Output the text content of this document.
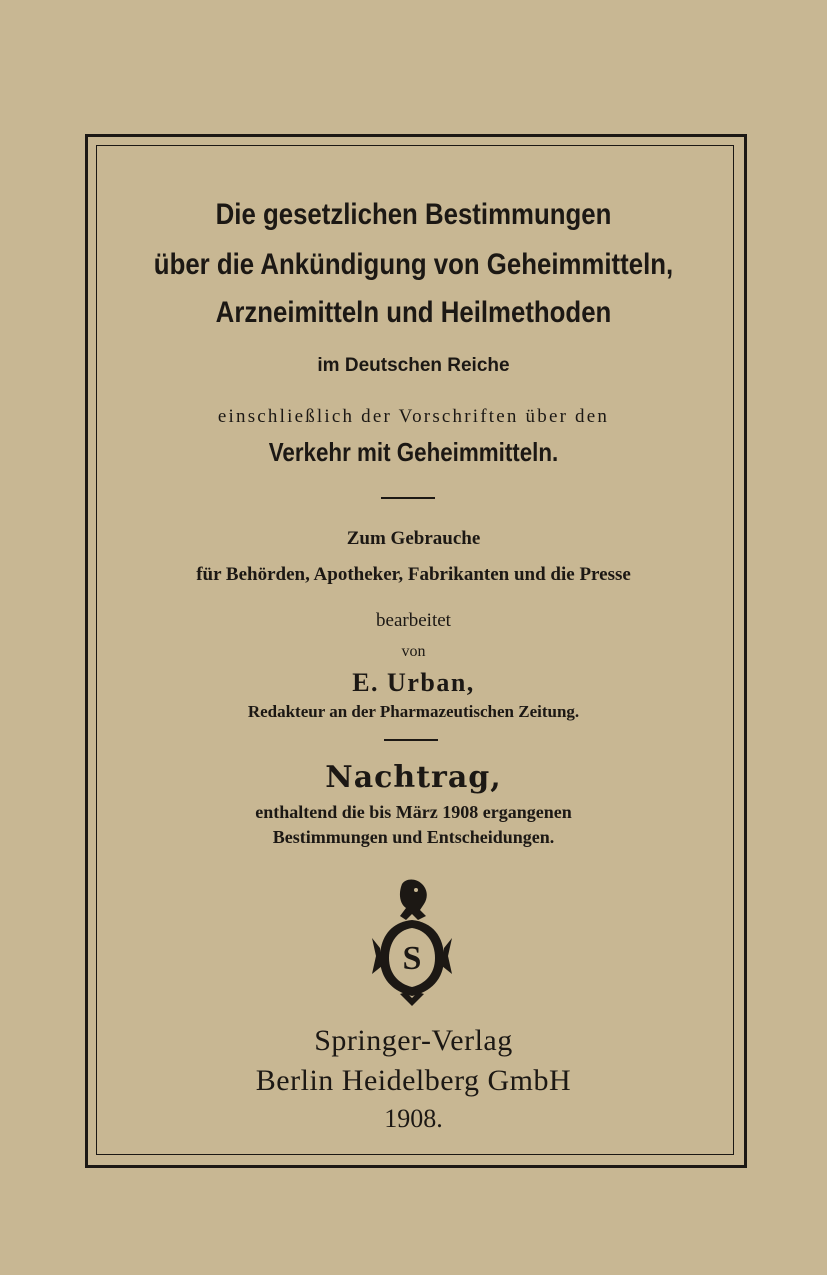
Die gesetzlichen Bestimmungen

über die Ankündigung von Geheimmitteln,

Arzneimitteln und Heilmethoden

im Deutschen Reiche

einschließlich der Vorschriften über den

Verkehr mit Geheimmitteln.

Zum Gebrauche

für Behörden, Apotheker, Fabrikanten und die Presse

bearbeitet

von

E. Urban,

Redakteur an der Pharmazeutischen Zeitung.

Nachtrag,

enthaltend die bis März 1908 ergangenen

Bestimmungen und Entscheidungen.

S

Springer-Verlag

Berlin Heidelberg GmbH

1908.
